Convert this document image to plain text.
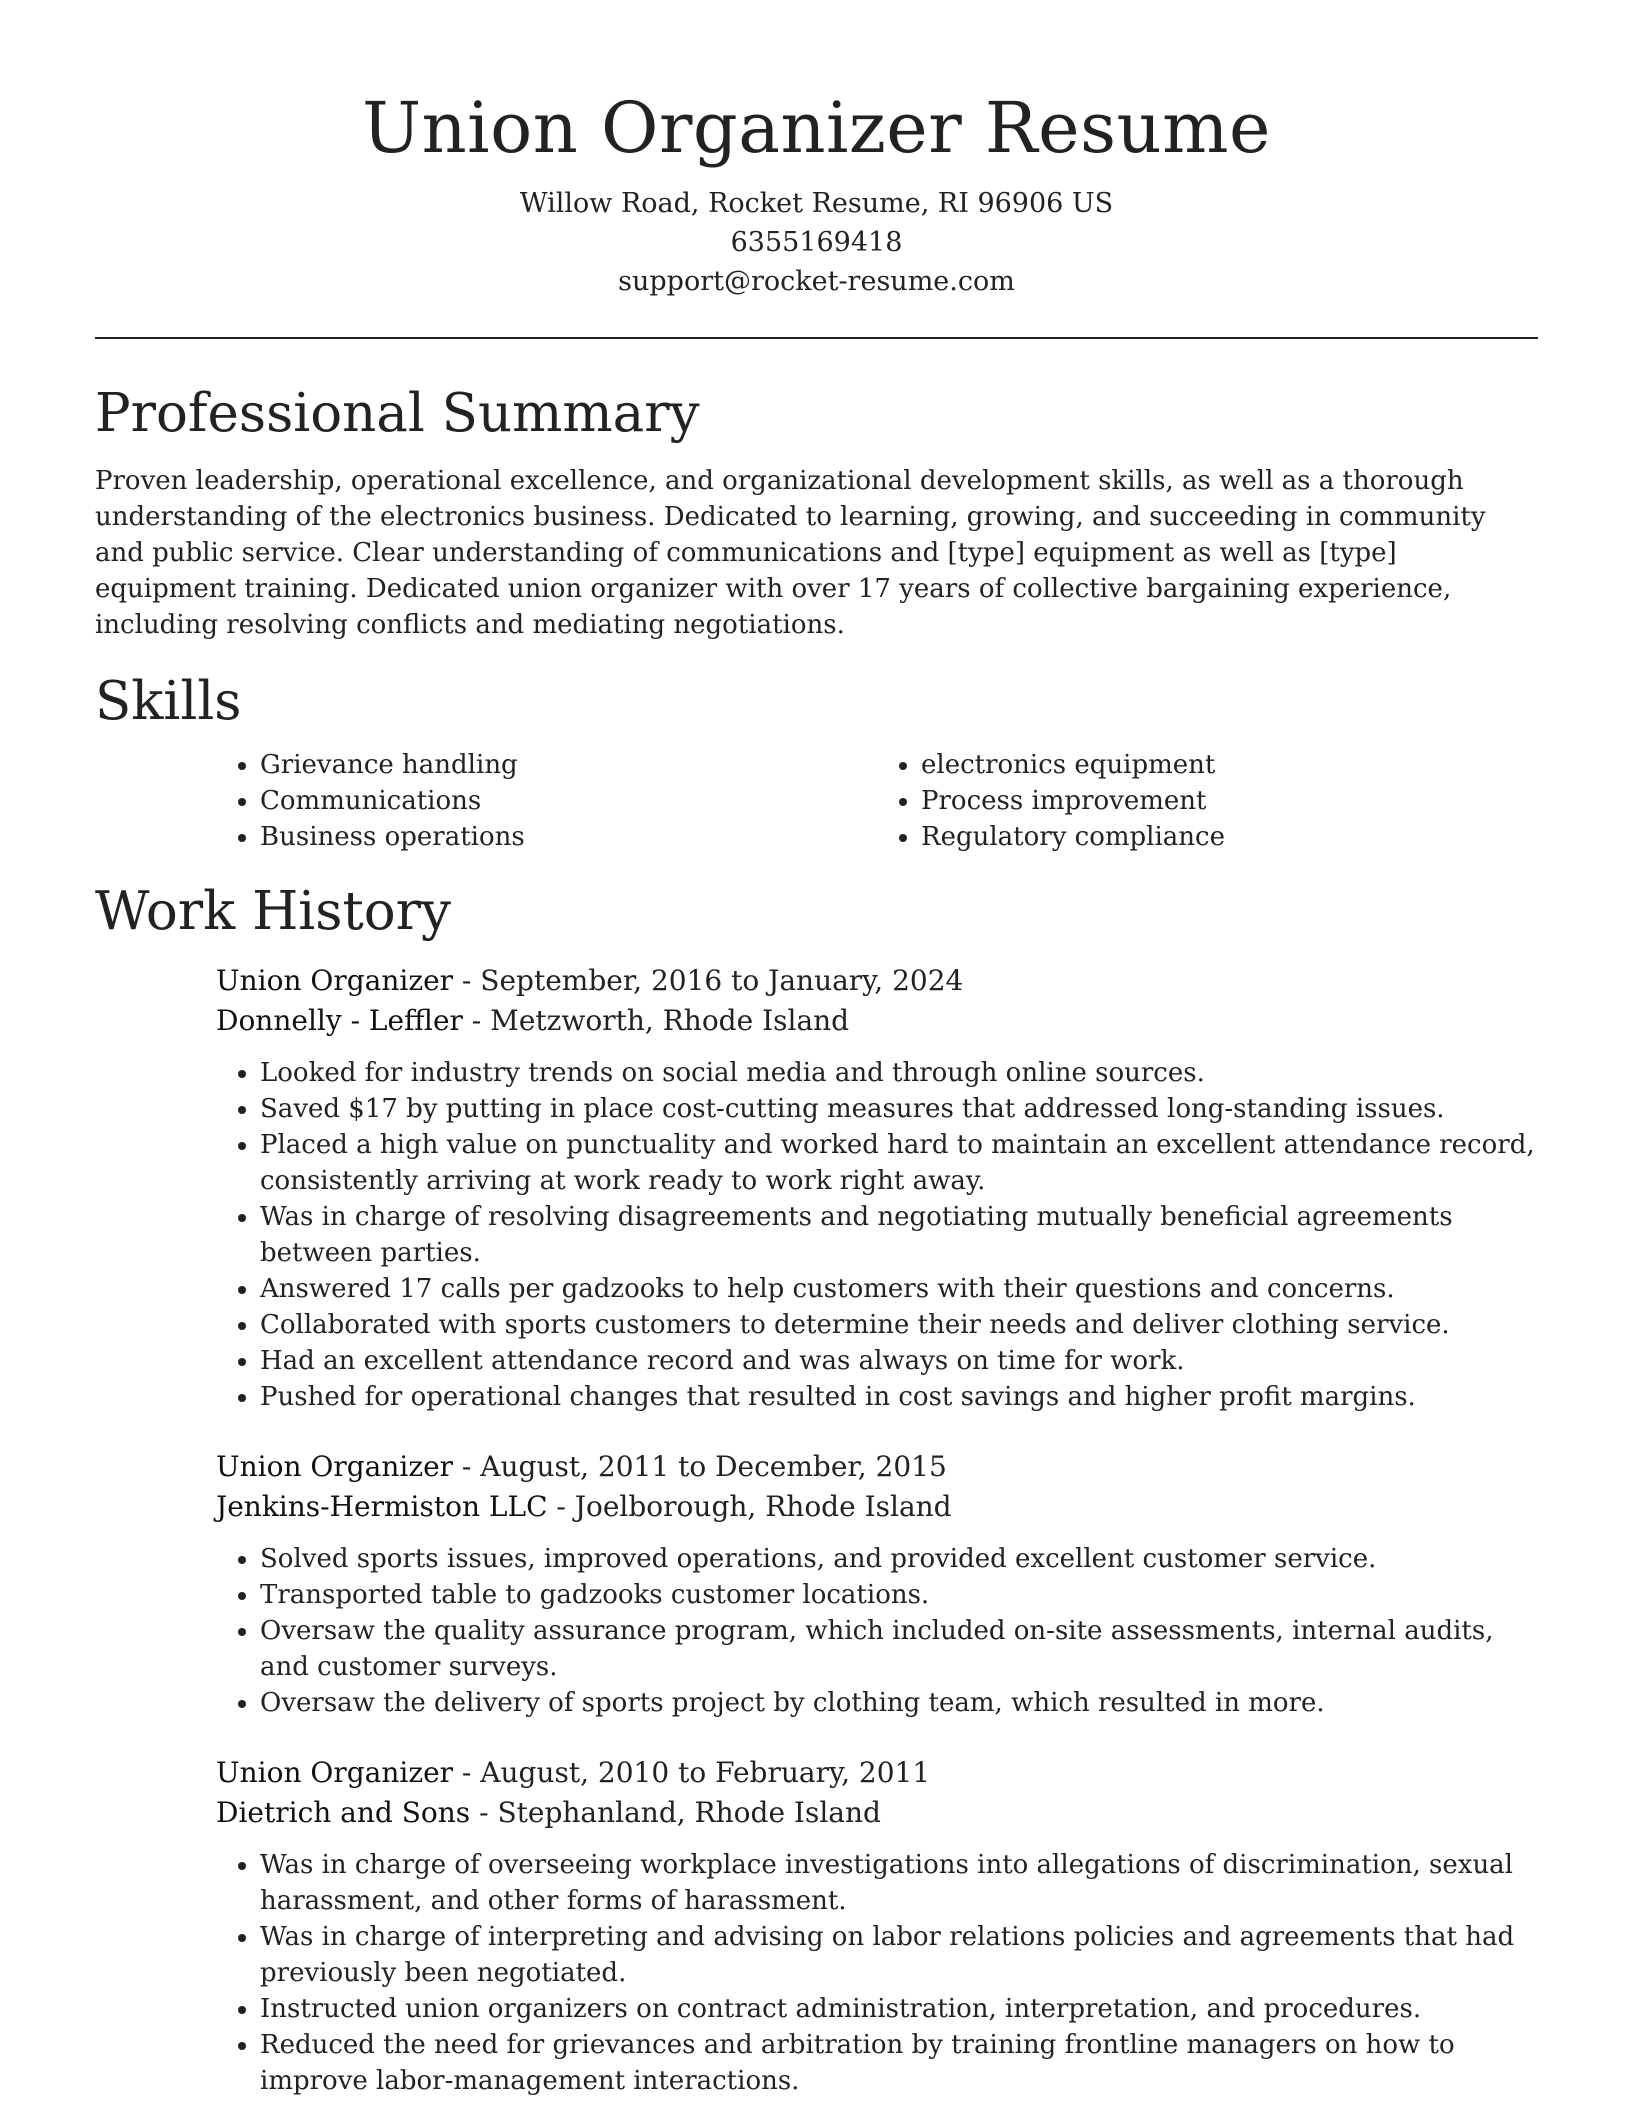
Union Organizer Resume

Willow Road, Rocket Resume, RI 96906 US

6355169418

support@rocket-resume.com

Professional Summary

Proven leadership, operational excellence, and organizational development skills, as well as a thorough understanding of the electronics business. Dedicated to learning, growing, and succeeding in community and public service. Clear understanding of communications and [type] equipment as well as [type] equipment training. Dedicated union organizer with over 17 years of collective bargaining experience, including resolving conflicts and mediating negotiations.

Skills
• Grievance handling
• Communications
• Business operations
• electronics equipment
• Process improvement
• Regulatory compliance
Work History

Union Organizer - September, 2016 to January, 2024

Donnelly - Leffler - Metzworth, Rhode Island

• Looked for industry trends on social media and through online sources.
• Saved $17 by putting in place cost-cutting measures that addressed long-standing issues.
• Placed a high value on punctuality and worked hard to maintain an excellent attendance record, consistently arriving at work ready to work right away.
• Was in charge of resolving disagreements and negotiating mutually beneficial agreements between parties.
• Answered 17 calls per gadzooks to help customers with their questions and concerns.
• Collaborated with sports customers to determine their needs and deliver clothing service.
• Had an excellent attendance record and was always on time for work.
• Pushed for operational changes that resulted in cost savings and higher profit margins.

Union Organizer - August, 2011 to December, 2015

Jenkins-Hermiston LLC - Joelborough, Rhode Island

• Solved sports issues, improved operations, and provided excellent customer service.
• Transported table to gadzooks customer locations.
• Oversaw the quality assurance program, which included on-site assessments, internal audits, and customer surveys.
• Oversaw the delivery of sports project by clothing team, which resulted in more.

Union Organizer - August, 2010 to February, 2011

Dietrich and Sons - Stephanland, Rhode Island

• Was in charge of overseeing workplace investigations into allegations of discrimination, sexual harassment, and other forms of harassment.
• Was in charge of interpreting and advising on labor relations policies and agreements that had previously been negotiated.
• Instructed union organizers on contract administration, interpretation, and procedures.
• Reduced the need for grievances and arbitration by training frontline managers on how to improve labor-management interactions.
